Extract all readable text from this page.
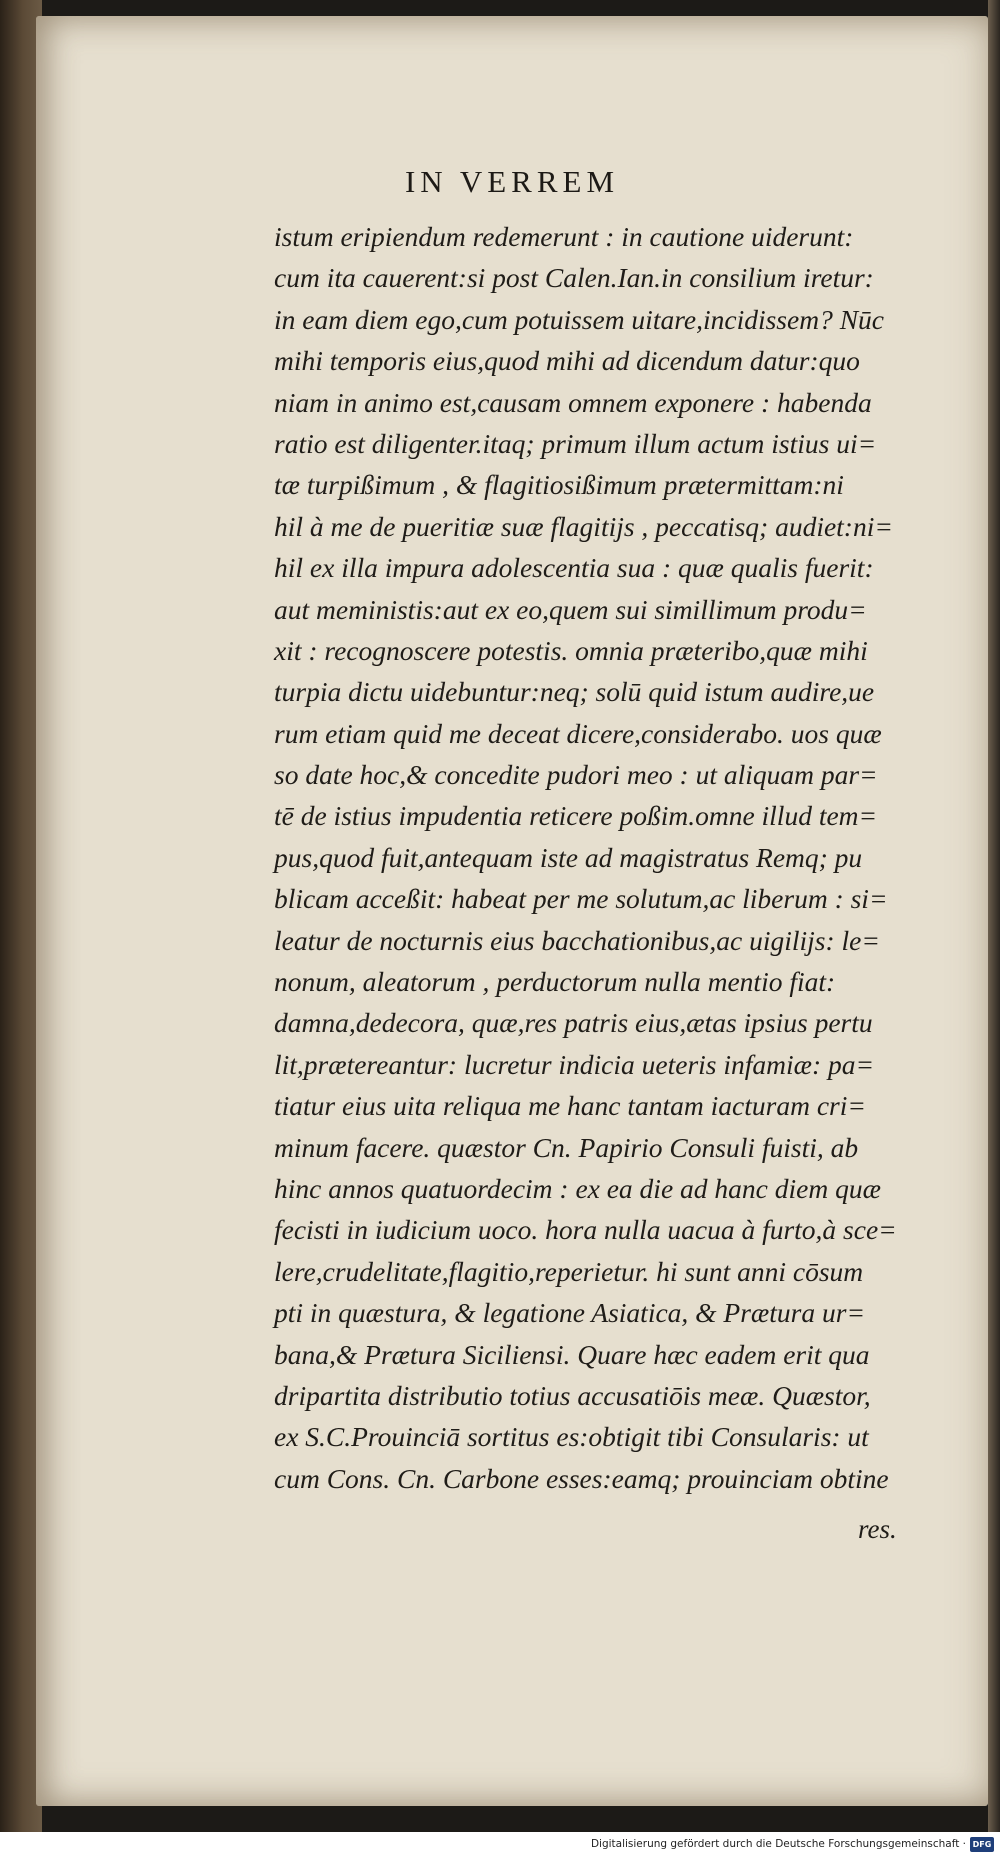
IN VERREM
istum eripiendum redemerunt : in cautione uiderunt:
cum ita cauerent:si post Calen.Ian.in consilium iretur:
in eam diem ego,cum potuissem uitare,incidissem? Nūc
mihi temporis eius,quod mihi ad dicendum datur:quo
niam in animo est,causam omnem exponere : habenda
ratio est diligenter.itaq; primum illum actum istius ui=
tæ turpißimum , & flagitiosißimum prætermittam:ni
hil à me de pueritiæ suæ flagitijs , peccatisq; audiet:ni=
hil ex illa impura adolescentia sua : quæ qualis fuerit:
aut meministis:aut ex eo,quem sui simillimum produ=
xit : recognoscere potestis. omnia præteribo,quæ mihi
turpia dictu uidebuntur:neq; solū quid istum audire,ue
rum etiam quid me deceat dicere,considerabo. uos quæ
so date hoc,& concedite pudori meo : ut aliquam par=
tē de istius impudentia reticere poßim.omne illud tem=
pus,quod fuit,antequam iste ad magistratus Remq; pu
blicam acceßit: habeat per me solutum,ac liberum : si=
leatur de nocturnis eius bacchationibus,ac uigilijs: le=
nonum, aleatorum , perductorum nulla mentio fiat:
damna,dedecora, quæ,res patris eius,ætas ipsius pertu
lit,prætereantur: lucretur indicia ueteris infamiæ: pa=
tiatur eius uita reliqua me hanc tantam iacturam cri=
minum facere. quæstor Cn. Papirio Consuli fuisti, ab
hinc annos quatuordecim : ex ea die ad hanc diem quæ
fecisti in iudicium uoco. hora nulla uacua à furto,à sce=
lere,crudelitate,flagitio,reperietur. hi sunt anni cōsum
pti in quæstura, & legatione Asiatica, & Prætura ur=
bana,& Prætura Siciliensi. Quare hæc eadem erit qua
dripartita distributio totius accusatiōis meæ. Quæstor,
ex S.C.Prouinciā sortitus es:obtigit tibi Consularis: ut
cum Cons. Cn. Carbone esses:eamq; prouinciam obtine
res.
Digitalisierung gefördert durch die Deutsche Forschungsgemeinschaft · DFG
